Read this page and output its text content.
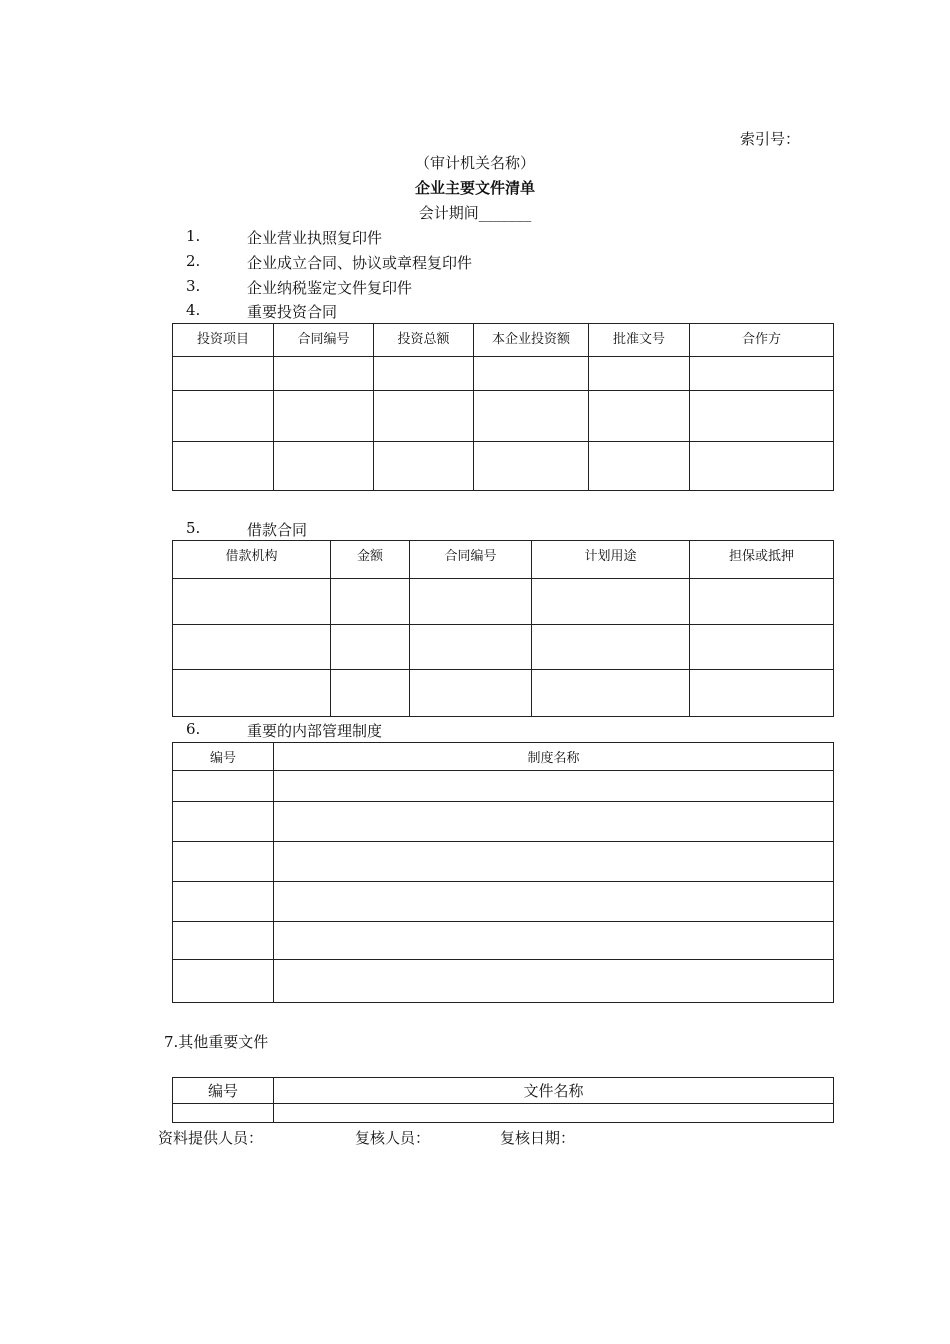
索引号：
（审计机关名称）
企业主要文件清单
会计期间_______
1.	企业营业执照复印件
2.	企业成立合同、协议或章程复印件
3.	企业纳税鉴定文件复印件
4.	重要投资合同
投资项目	合同编号	投资总额	本企业投资额	批准文号	合作方

5.	借款合同
借款机构	金额	合同编号	计划用途	担保或抵押

6.	重要的内部管理制度
编号	制度名称

7.其他重要文件
编号	文件名称

资料提供人员：	复核人员：	复核日期：
